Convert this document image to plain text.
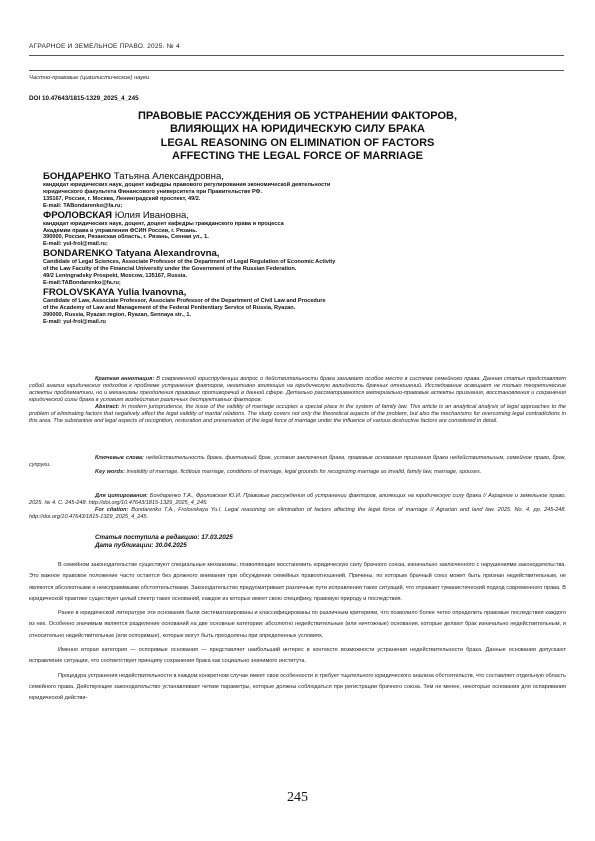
АГРАРНОЕ И ЗЕМЕЛЬНОЕ ПРАВО. 2025. № 4
Частно-правовые (цивилистические) науки
DOI 10.47643/1815-1329_2025_4_245
ПРАВОВЫЕ РАССУЖДЕНИЯ ОБ УСТРАНЕНИИ ФАКТОРОВ,
ВЛИЯЮЩИХ НА ЮРИДИЧЕСКУЮ СИЛУ БРАКА
LEGAL REASONING ON ELIMINATION OF FACTORS
AFFECTING THE LEGAL FORCE OF MARRIAGE

БОНДАРЕНКО Татьяна Александровна,

кандидат юридических наук, доцент кафедры правового регулирования экономической деятельности

юридического факультета Финансового университета при Правительстве РФ.

135167, Россия, г. Москва, Ленинградский проспект, 49/2.

E-mail: TABondarenko@fa.ru;

ФРОЛОВСКАЯ Юлия Ивановна,

кандидат юридических наук, доцент, доцент кафедры гражданского права и процесса

Академии права и управления ФСИН России, г. Рязань.

390000, Россия, Рязанская область, г. Рязань, Сенная ул., 1.

E-mail: yul-frol@mail.ru;

BONDARENKO Tatyana Alexandrovna,

Candidate of Legal Sciences, Associate Professor of the Department of Legal Regulation of Economic Activity

of the Law Faculty of the Financial University under the Government of the Russian Federation.

49/2 Leningradsky Prospekt, Moscow, 135167, Russia.

E-mail:TABondarenko@fa.ru;

FROLOVSKAYA Yulia Ivanovna,

Candidate of Law, Associate Professor, Associate Professor of the Department of Civil Law and Procedure

of the Academy of Law and Management of the Federal Penitentiary Service of Russia, Ryazan.

390000, Russia, Ryazan region, Ryazan, Sennaya str., 1.

E-mail: yul-frol@mail.ru

Краткая аннотация: В современной юриспруденции вопрос о действительности брака занимает особое место в системе семейного права. Данная статья представляет собой анализ юридических подходов к проблеме устранения факторов, негативно влияющих на юридическую валидность брачных отношений. Исследование освещает не только теоретические аспекты проблематики, но и механизмы преодоления правовых противоречий в данной сфере. Детально рассматриваются материально-правовые аспекты признания, восстановления и сохранения юридической силы брака в условиях воздействия различных деструктивных факторов.

Abstract: In modern jurisprudence, the issue of the validity of marriage occupies a special place in the system of family law. This article is an analytical analysis of legal approaches to the problem of eliminating factors that negatively affect the legal validity of marital relations. The study covers not only the theoretical aspects of the problem, but also the mechanisms for overcoming legal contradictions in this area. The substantive and legal aspects of recognition, restoration and preservation of the legal force of marriage under the influence of various destructive factors are considered in detail.

Ключевые слова: недействительность брака, фиктивный брак, условия заключения брака, правовые основания признания брака недействительным, семейное право, брак, супруги.

Key words: invalidity of marriage, fictitious marriage, conditions of marriage, legal grounds for recognizing marriage as invalid, family law, marriage, spouses.

Для цитирования: Бондаренко Т.А., Фроловская Ю.И. Правовые рассуждения об устранении факторов, влияющих на юридическую силу брака // Аграрное и земельное право. 2025. № 4. С. 245-248. http://doi.org/10.47643/1815-1329_2025_4_245.

For citation: Bondarenko T.A., Frolovskaya Yu.I. Legal reasoning on elimination of factors affecting the legal force of marriage // Agrarian and land law. 2025. No. 4. pp. 245-248. http://doi.org/10.47643/1815-1329_2025_4_245.

Статья поступила в редакцию: 17.03.2025
Дата публикации: 30.04.2025

В семейном законодательстве существуют специальные механизмы, позволяющие восстановить юридическую силу брачного союза, изначально заключенного с нарушениями законодательства. Это важное правовое положение часто остается без должного внимания при обсуждении семейных правоотношений. Причины, по которым брачный союз может быть признан недействительным, не являются абсолютными и неисправимыми обстоятельствами. Законодательство предусматривает различные пути исправления таких ситуаций, что отражает гуманистический подход современного права. В юридической практике существует целый спектр таких оснований, каждое из которых имеет свою специфику, правовую природу и последствия.

Ранее в юридической литературе эти основания были систематизированы и классифицированы по различным критериям, что позволило более четко определить правовые последствия каждого из них. Особенно значимым является разделение оснований на две основные категории: абсолютно недействительные (или ничтожные) основания, которые делают брак изначально недействительным, и относительно недействительные (или оспоримые), которые могут быть преодолены при определенных условиях.

Именно вторая категория — оспоримые основания — представляет наибольший интерес в контексте возможности устранения недействительности брака. Данные основания допускают исправление ситуации, что соответствует принципу сохранения брака как социально значимого института.

Процедура устранения недействительности в каждом конкретном случае имеет свои особенности и требует тщательного юридического анализа обстоятельств, что составляет отдельную область семейного права. Действующее законодательство устанавливает четкие параметры, которые должны соблюдаться при регистрации брачного союза. Тем не менее, некоторые основания для оспаривания юридической действи-

245
